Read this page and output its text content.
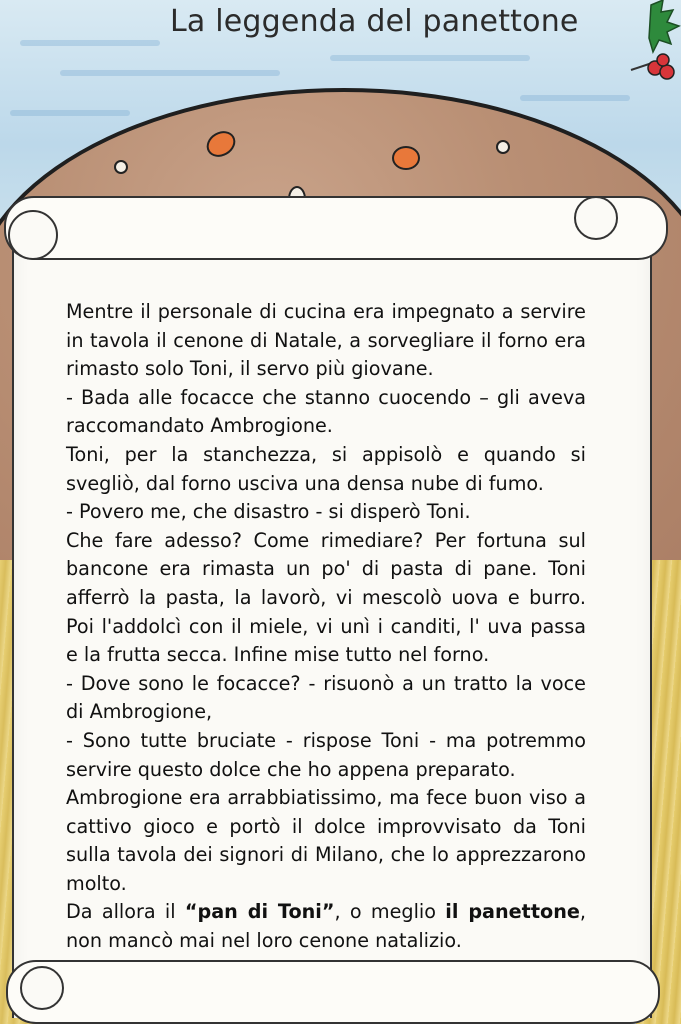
La leggenda del panettone

Mentre il personale di cucina era impegnato a servire in tavola il cenone di Natale, a sorvegliare il forno era rimasto solo Toni, il servo più giovane.

- Bada alle focacce che stanno cuocendo – gli aveva raccomandato Ambrogione.

Toni, per la stanchezza, si appisolò e quando si svegliò, dal forno usciva una densa nube di fumo.

- Povero me, che disastro - si disperò Toni.

Che fare adesso? Come rimediare? Per fortuna sul bancone era rimasta un po' di pasta di pane. Toni afferrò la pasta, la lavorò, vi mescolò uova e burro. Poi l'addolcì con il miele, vi unì i canditi, l' uva passa e la frutta secca. Infine mise tutto nel forno.

- Dove sono le focacce? - risuonò a un tratto la voce di Ambrogione,

- Sono tutte bruciate - rispose Toni - ma potremmo servire questo dolce che ho appena preparato.

Ambrogione era arrabbiatissimo, ma fece buon viso a cattivo gioco e portò il dolce improvvisato da Toni sulla tavola dei signori di Milano, che lo apprezzarono molto.

Da allora il “pan di Toni”, o meglio il panettone, non mancò mai nel loro cenone natalizio.
